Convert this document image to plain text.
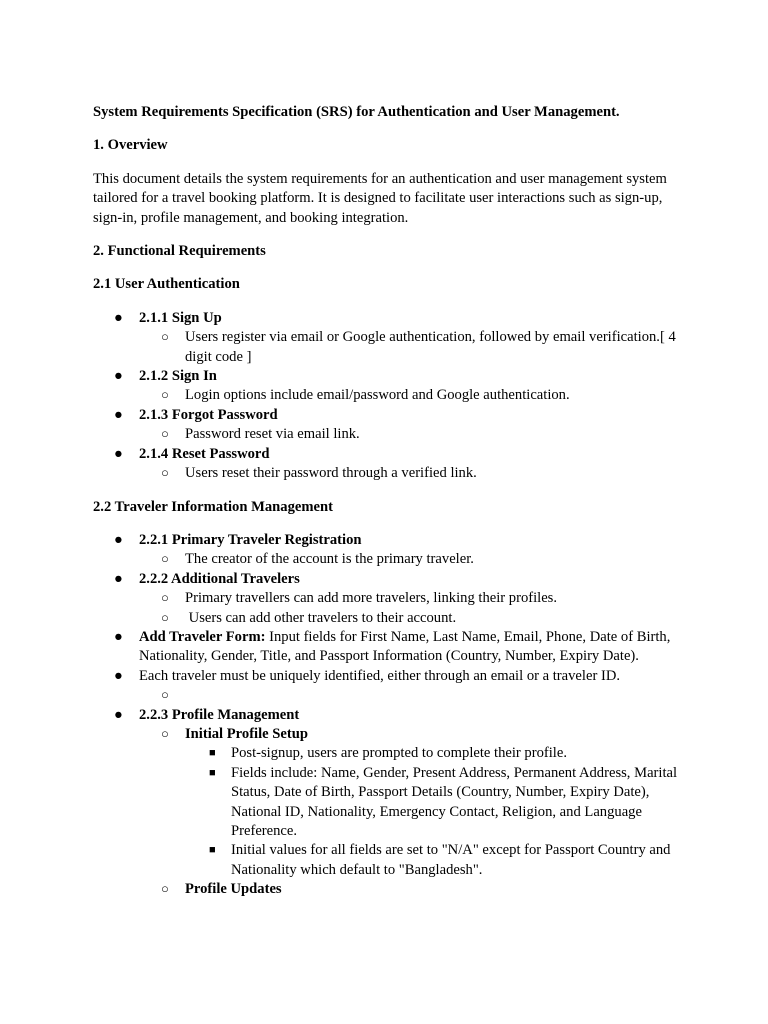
System Requirements Specification (SRS) for Authentication and User Management.

1. Overview

This document details the system requirements for an authentication and user management system tailored for a travel booking platform. It is designed to facilitate user interactions such as sign-up, sign-in, profile management, and booking integration.

2. Functional Requirements

2.1 User Authentication

● 2.1.1 Sign Up
○ Users register via email or Google authentication, followed by email verification.[ 4 digit code ]
● 2.1.2 Sign In
○ Login options include email/password and Google authentication.
● 2.1.3 Forgot Password
○ Password reset via email link.
● 2.1.4 Reset Password
○ Users reset their password through a verified link.

2.2 Traveler Information Management

● 2.2.1 Primary Traveler Registration
○ The creator of the account is the primary traveler.
● 2.2.2 Additional Travelers
○ Primary travellers can add more travelers, linking their profiles.
○ Users can add other travelers to their account.
● Add Traveler Form: Input fields for First Name, Last Name, Email, Phone, Date of Birth, Nationality, Gender, Title, and Passport Information (Country, Number, Expiry Date).
● Each traveler must be uniquely identified, either through an email or a traveler ID.
○

● 2.2.3 Profile Management
○ Initial Profile Setup
■ Post-signup, users are prompted to complete their profile.
■ Fields include: Name, Gender, Present Address, Permanent Address, Marital Status, Date of Birth, Passport Details (Country, Number, Expiry Date), National ID, Nationality, Emergency Contact, Religion, and Language Preference.
■ Initial values for all fields are set to "N/A" except for Passport Country and Nationality which default to "Bangladesh".
○ Profile Updates
